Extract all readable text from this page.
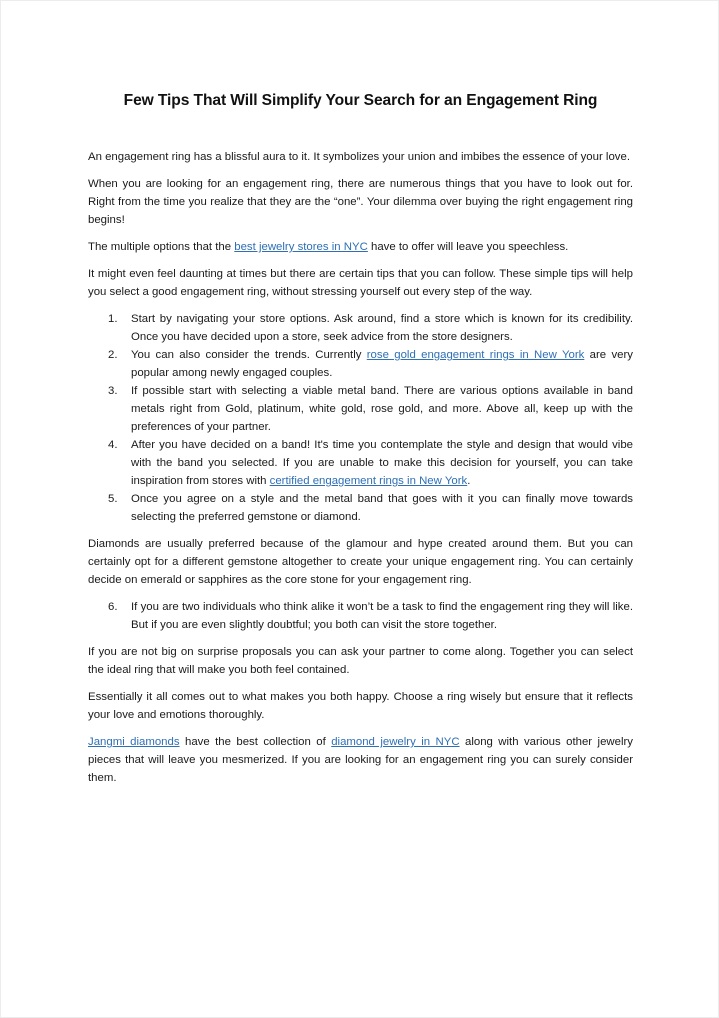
Few Tips That Will Simplify Your Search for an Engagement Ring

An engagement ring has a blissful aura to it. It symbolizes your union and imbibes the essence of your love.

When you are looking for an engagement ring, there are numerous things that you have to look out for. Right from the time you realize that they are the “one”. Your dilemma over buying the right engagement ring begins!

The multiple options that the best jewelry stores in NYC have to offer will leave you speechless.

It might even feel daunting at times but there are certain tips that you can follow. These simple tips will help you select a good engagement ring, without stressing yourself out every step of the way.

1. Start by navigating your store options. Ask around, find a store which is known for its credibility. Once you have decided upon a store, seek advice from the store designers.
2. You can also consider the trends. Currently rose gold engagement rings in New York are very popular among newly engaged couples.
3. If possible start with selecting a viable metal band. There are various options available in band metals right from Gold, platinum, white gold, rose gold, and more. Above all, keep up with the preferences of your partner.
4. After you have decided on a band! It's time you contemplate the style and design that would vibe with the band you selected. If you are unable to make this decision for yourself, you can take inspiration from stores with certified engagement rings in New York.
5. Once you agree on a style and the metal band that goes with it you can finally move towards selecting the preferred gemstone or diamond.

Diamonds are usually preferred because of the glamour and hype created around them. But you can certainly opt for a different gemstone altogether to create your unique engagement ring. You can certainly decide on emerald or sapphires as the core stone for your engagement ring.

6. If you are two individuals who think alike it won’t be a task to find the engagement ring they will like. But if you are even slightly doubtful; you both can visit the store together.

If you are not big on surprise proposals you can ask your partner to come along. Together you can select the ideal ring that will make you both feel contained.

Essentially it all comes out to what makes you both happy. Choose a ring wisely but ensure that it reflects your love and emotions thoroughly.

Jangmi diamonds have the best collection of diamond jewelry in NYC along with various other jewelry pieces that will leave you mesmerized. If you are looking for an engagement ring you can surely consider them.
